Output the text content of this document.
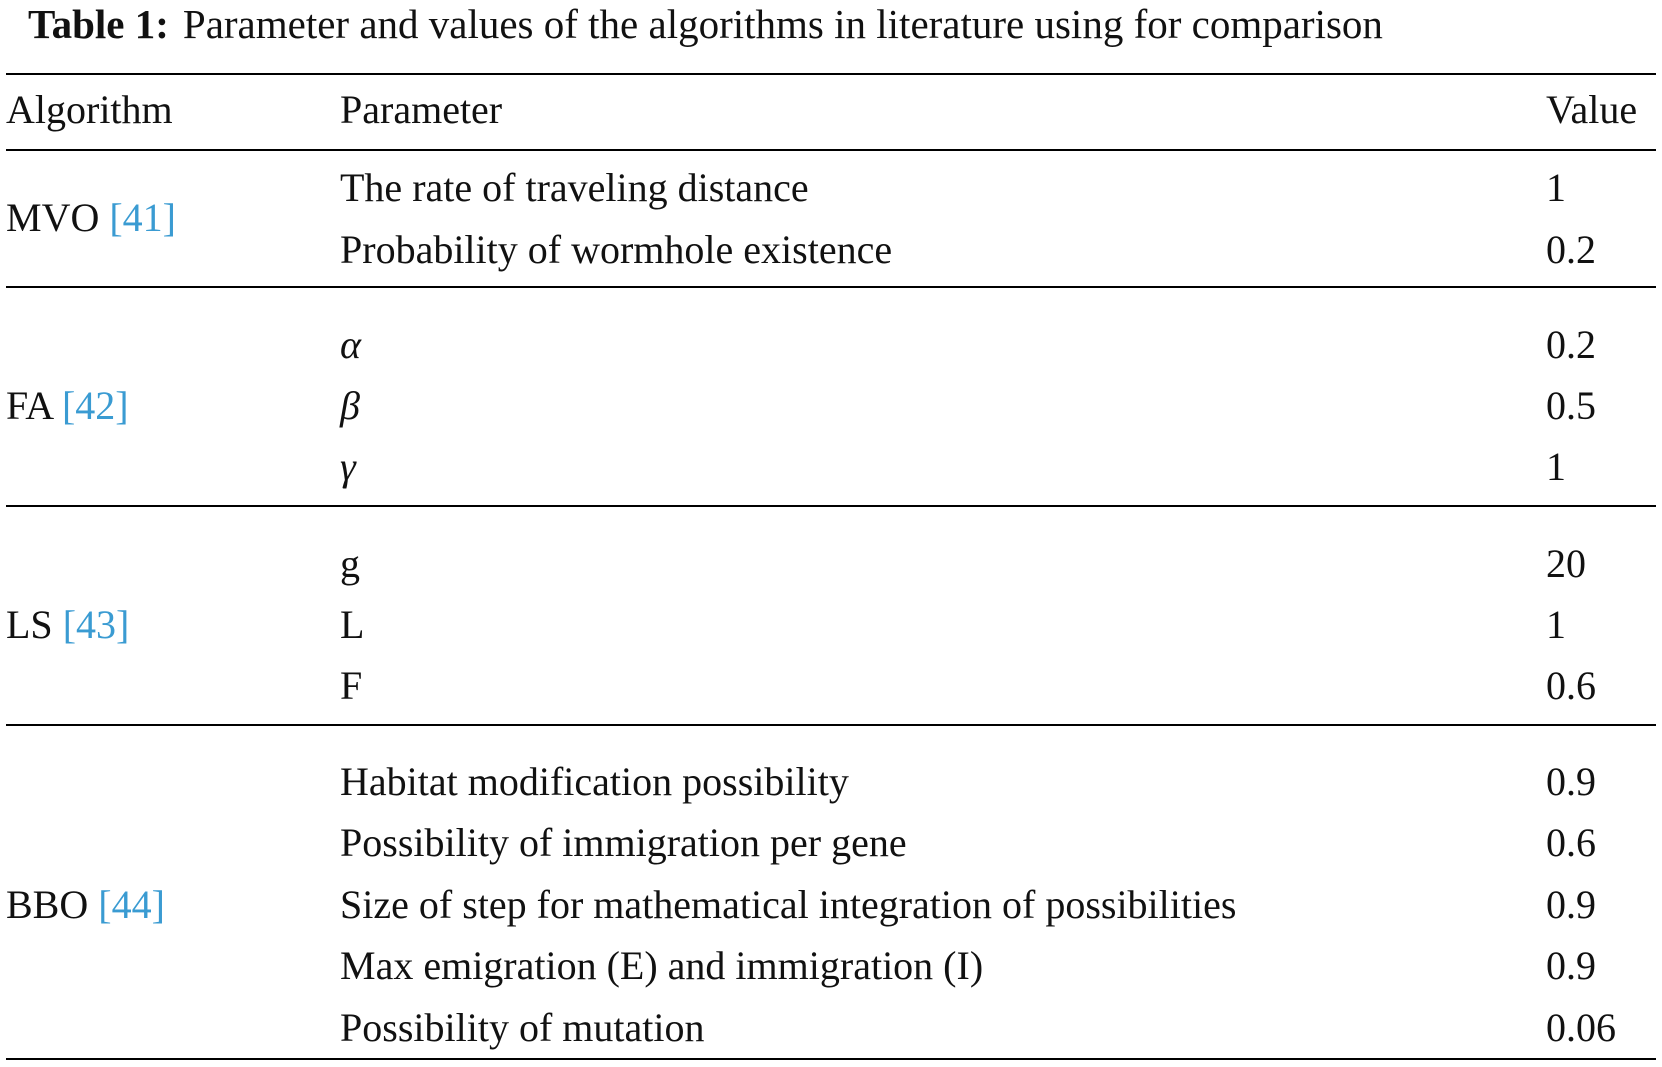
Table 1: Parameter and values of the algorithms in literature using for comparison
Algorithm	Parameter	Value
MVO [41]
The rate of traveling distance	1
Probability of wormhole existence	0.2
FA [42]
α	0.2
β	0.5
γ	1
LS [43]
g	20
L	1
F	0.6
BBO [44]
Habitat modification possibility	0.9
Possibility of immigration per gene	0.6
Size of step for mathematical integration of possibilities	0.9
Max emigration (E) and immigration (I)	0.9
Possibility of mutation	0.06
